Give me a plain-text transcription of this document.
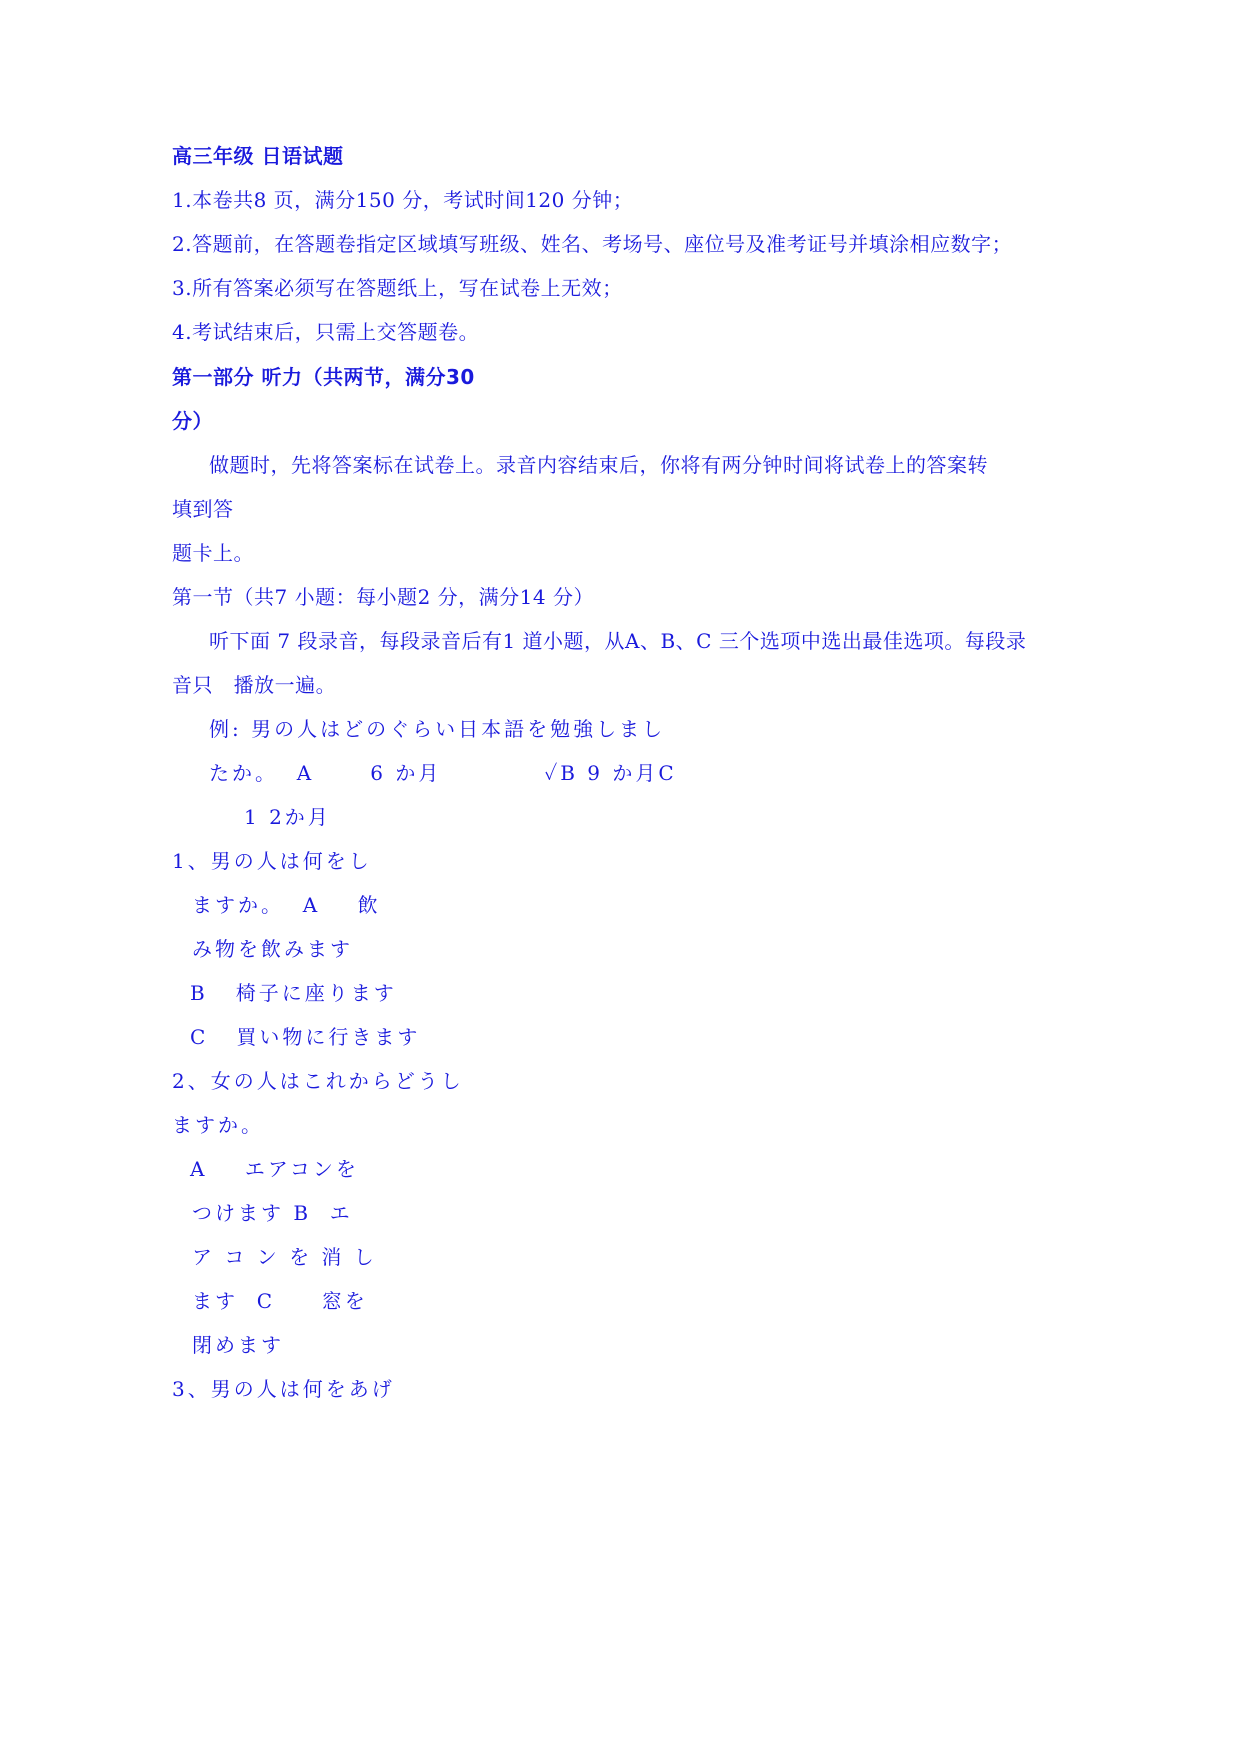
高三年级 日语试题
1.本卷共8 页，满分150 分，考试时间120 分钟；
2.答题前，在答题卷指定区域填写班级、姓名、考场号、座位号及准考证号并填涂相应数字；
3.所有答案必须写在答题纸上，写在试卷上无效；
4.考试结束后，只需上交答题卷。
第一部分 听力（共两节，满分30
分）
做题时，先将答案标在试卷上。录音内容结束后，你将有两分钟时间将试卷上的答案转
填到答
题卡上。
第一节（共7 小题：每小题2 分，满分14 分）
听下面 7 段录音，每段录音后有1 道小题，从A、B、C 三个选项中选出最佳选项。每段录
音只   播放一遍。
例: 男の人はどのぐらい日本語を勉強しまし
たか。  A      6 か月           ✓B 9 か月C
1 2か月
1、男の人は何をし
ますか。  A    飲
み物を飲みます
B   椅子に座ります
C   買い物に行きます
2、女の人はこれからどうし
ますか。
A    エアコンを
つけます B  エ
ア コ ン を 消 し
ます  C     窓を
閉めます
3、男の人は何をあげ
